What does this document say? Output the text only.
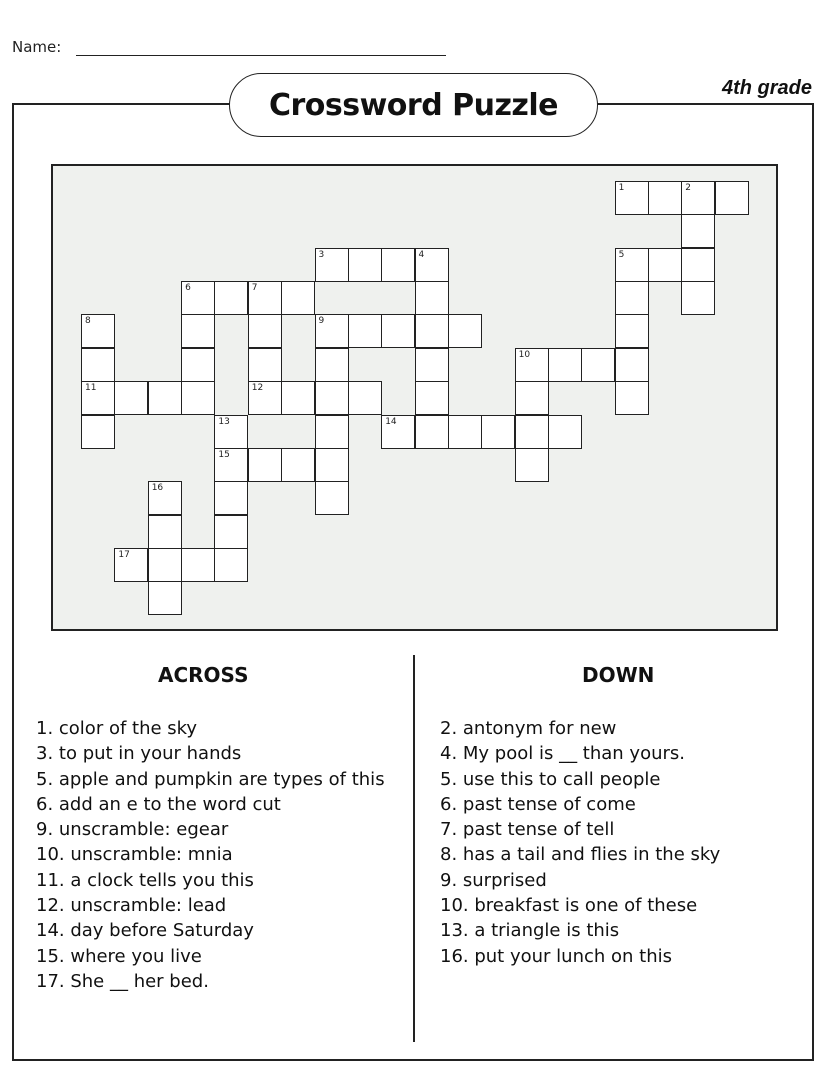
Name:
4th grade
Crossword Puzzle
1	2
3	4	5
6	7
8	9
10
11	12
13	14
15
16
17
ACROSS	DOWN
1. color of the sky
3. to put in your hands
5. apple and pumpkin are types of this
6. add an e to the word cut
9. unscramble: egear
10. unscramble: mnia
11. a clock tells you this
12. unscramble: lead
14. day before Saturday
15. where you live
17. She __ her bed.
2. antonym for new
4. My pool is __ than yours.
5. use this to call people
6. past tense of come
7. past tense of tell
8. has a tail and flies in the sky
9. surprised
10. breakfast is one of these
13. a triangle is this
16. put your lunch on this
